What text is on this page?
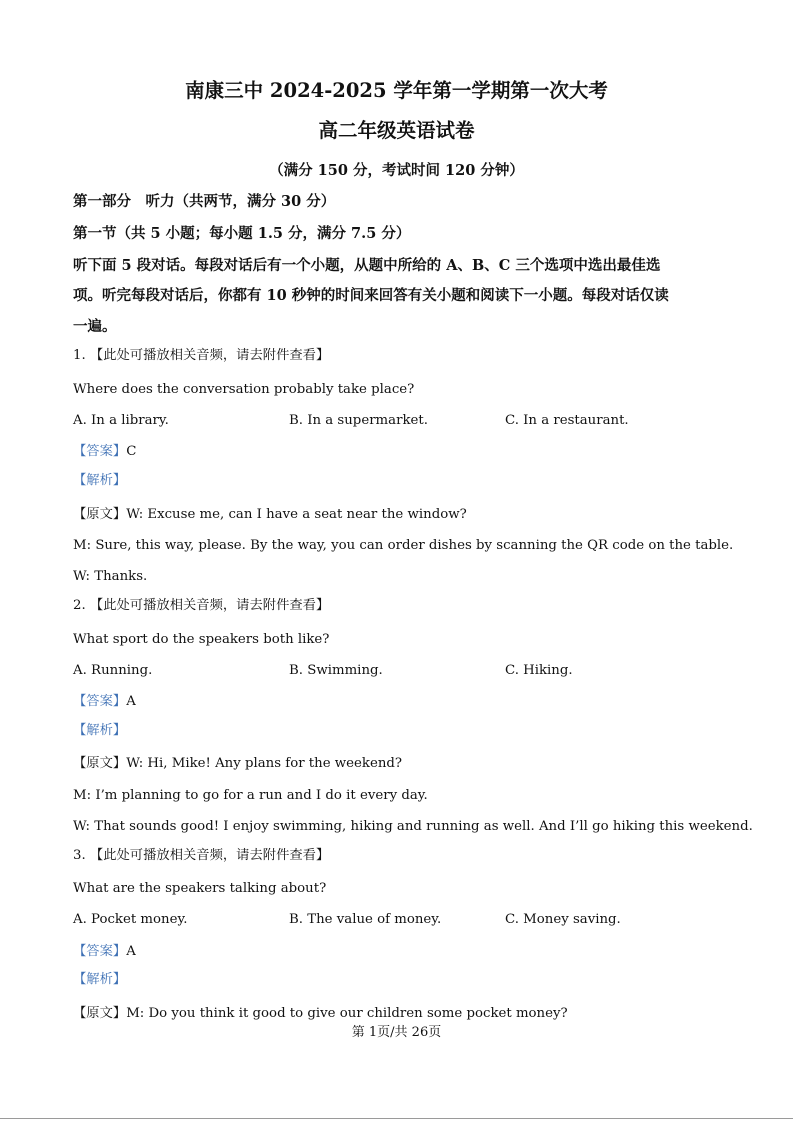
南康三中 2024-2025 学年第一学期第一次大考
高二年级英语试卷
（满分 150 分，考试时间 120 分钟）
第一部分　听力（共两节，满分 30 分）
第一节（共 5 小题；每小题 1.5 分，满分 7.5 分）
听下面 5 段对话。每段对话后有一个小题，从题中所给的 A、B、C 三个选项中选出最佳选
项。听完每段对话后，你都有 10 秒钟的时间来回答有关小题和阅读下一小题。每段对话仅读
一遍。
1. 【此处可播放相关音频，请去附件查看】
Where does the conversation probably take place?
A. In a library.	B. In a supermarket.	C. In a restaurant.
【答案】C
【解析】
【原文】W: Excuse me, can I have a seat near the window?
M: Sure, this way, please. By the way, you can order dishes by scanning the QR code on the table.
W: Thanks.
2. 【此处可播放相关音频，请去附件查看】
What sport do the speakers both like?
A. Running.	B. Swimming.	C. Hiking.
【答案】A
【解析】
【原文】W: Hi, Mike! Any plans for the weekend?
M: I’m planning to go for a run and I do it every day.
W: That sounds good! I enjoy swimming, hiking and running as well. And I’ll go hiking this weekend.
3. 【此处可播放相关音频，请去附件查看】
What are the speakers talking about?
A. Pocket money.	B. The value of money.	C. Money saving.
【答案】A
【解析】
【原文】M: Do you think it good to give our children some pocket money?
第 1页/共 26页
